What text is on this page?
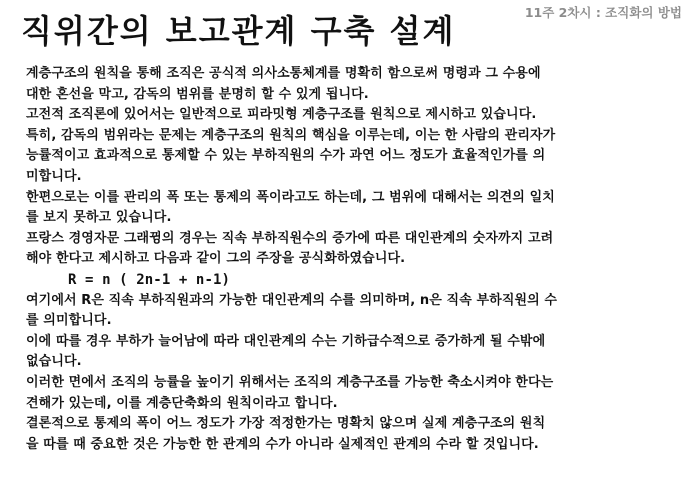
직위간의 보고관계 구축 설계	11주 2차시 : 조직화의 방법
계층구조의 원칙을 통해 조직은 공식적 의사소통체계를 명확히 함으로써 명령과 그 수용에
대한 혼선을 막고, 감독의 범위를 분명히 할 수 있게 됩니다.
고전적 조직론에 있어서는 일반적으로 피라밋형 계층구조를 원칙으로 제시하고 있습니다.
특히, 감독의 범위라는 문제는 계층구조의 원칙의 핵심을 이루는데, 이는 한 사람의 관리자가
능률적이고 효과적으로 통제할 수 있는 부하직원의 수가 과연 어느 정도가 효율적인가를 의
미합니다.
한편으로는 이를 관리의 폭 또는 통제의 폭이라고도 하는데, 그 범위에 대해서는 의견의 일치
를 보지 못하고 있습니다.
프랑스 경영자문 그래뀡의 경우는 직속 부하직원수의 증가에 따른 대인관계의 숫자까지 고려
해야 한다고 제시하고 다음과 같이 그의 주장을 공식화하였습니다.
R = n ( 2n-1 + n-1)
여기에서 R은 직속 부하직원과의 가능한 대인관계의 수를 의미하며, n은 직속 부하직원의 수
를 의미합니다.
이에 따를 경우 부하가 늘어남에 따라 대인관계의 수는 기하급수적으로 증가하게 될 수밖에
없습니다.
이러한 면에서 조직의 능률을 높이기 위해서는 조직의 계층구조를 가능한 축소시켜야 한다는
견해가 있는데, 이를 계층단축화의 원칙이라고 합니다.
결론적으로 통제의 폭이 어느 정도가 가장 적정한가는 명확치 않으며 실제 계층구조의 원칙
을 따를 때 중요한 것은 가능한 한 관계의 수가 아니라 실제적인 관계의 수라 할 것입니다.
